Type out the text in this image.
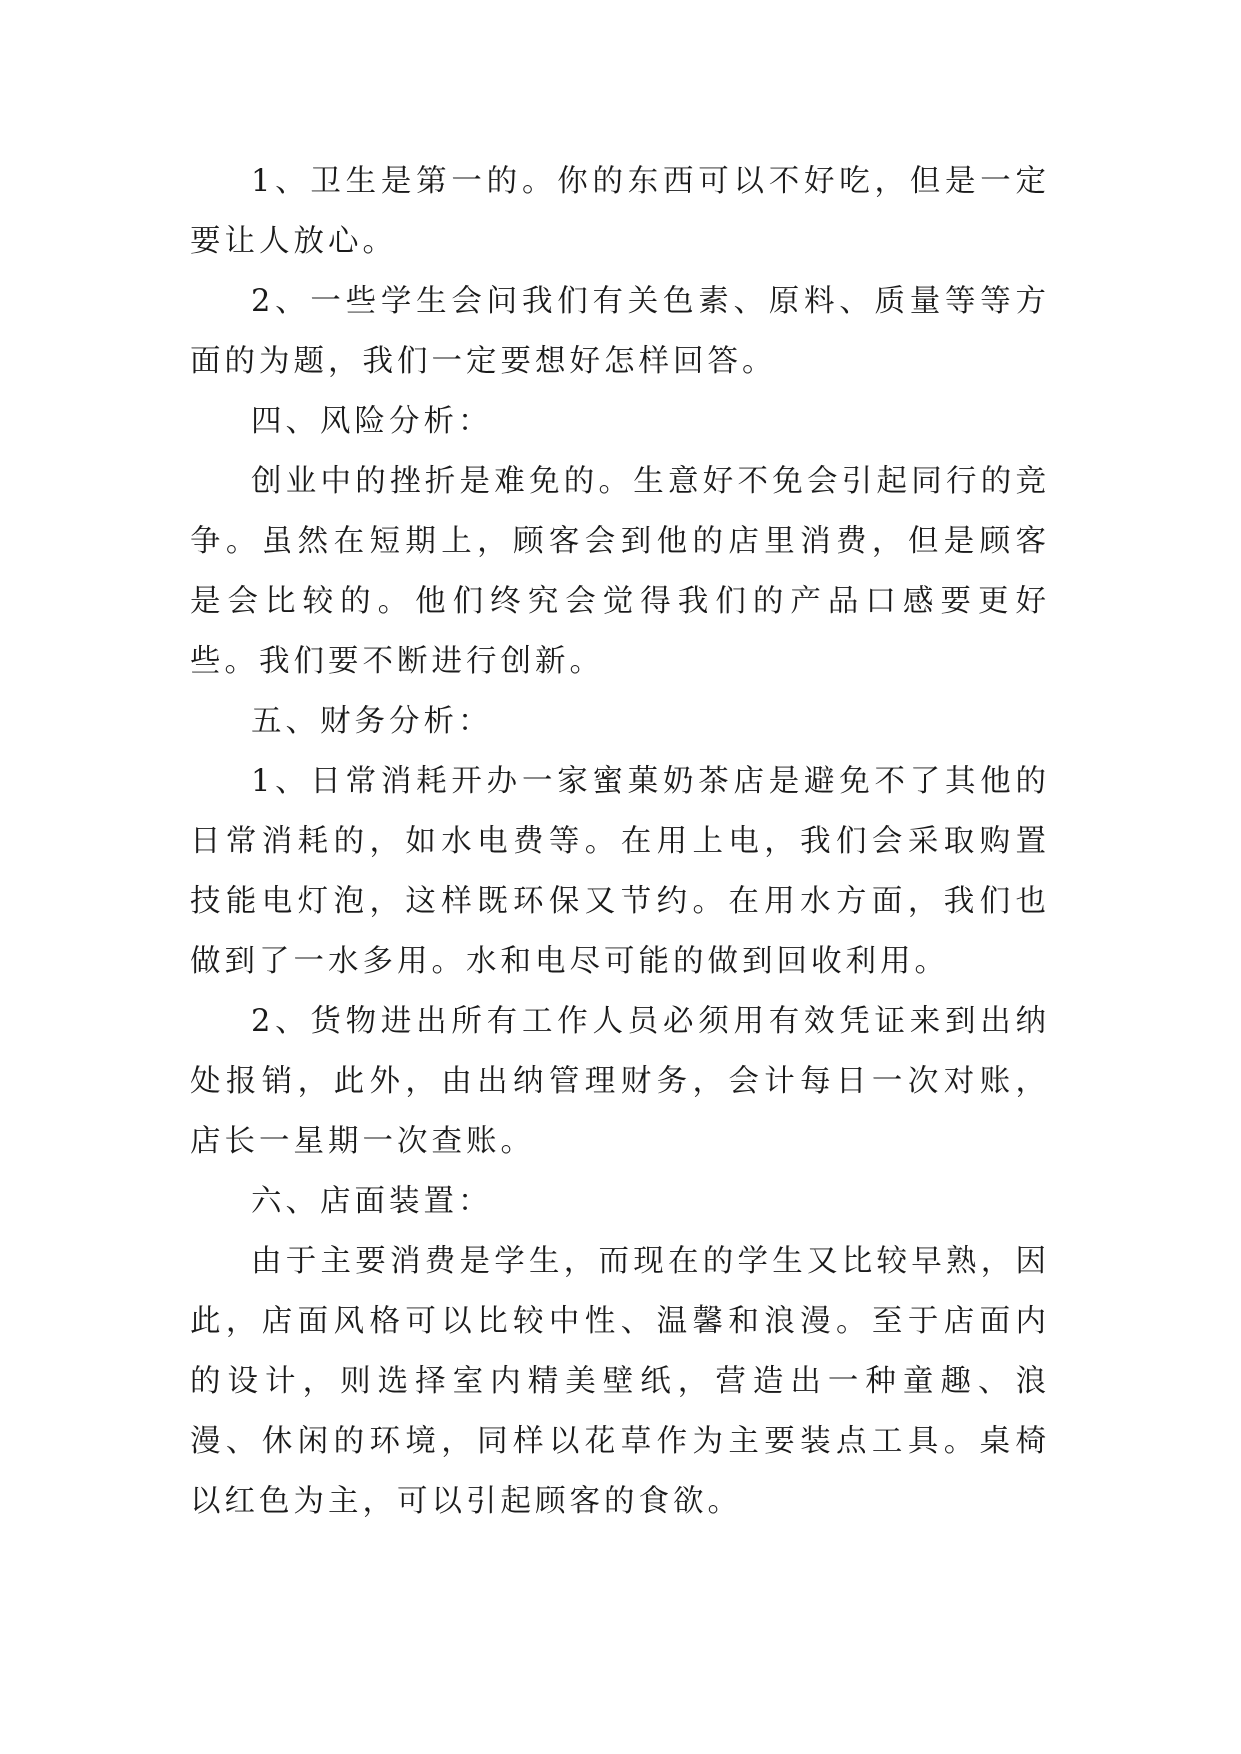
1、卫生是第一的。你的东西可以不好吃，但是一定要让人放心。

2、一些学生会问我们有关色素、原料、质量等等方面的为题，我们一定要想好怎样回答。

四、风险分析：

创业中的挫折是难免的。生意好不免会引起同行的竞争。虽然在短期上，顾客会到他的店里消费，但是顾客是会比较的。他们终究会觉得我们的产品口感要更好些。我们要不断进行创新。

五、财务分析：

1、日常消耗开办一家蜜菓奶茶店是避免不了其他的日常消耗的，如水电费等。在用上电，我们会采取购置技能电灯泡，这样既环保又节约。在用水方面，我们也做到了一水多用。水和电尽可能的做到回收利用。

2、货物进出所有工作人员必须用有效凭证来到出纳处报销，此外，由出纳管理财务，会计每日一次对账，店长一星期一次查账。

六、店面装置：

由于主要消费是学生，而现在的学生又比较早熟，因此，店面风格可以比较中性、温馨和浪漫。至于店面内的设计，则选择室内精美壁纸，营造出一种童趣、浪漫、休闲的环境，同样以花草作为主要装点工具。桌椅以红色为主，可以引起顾客的食欲。
